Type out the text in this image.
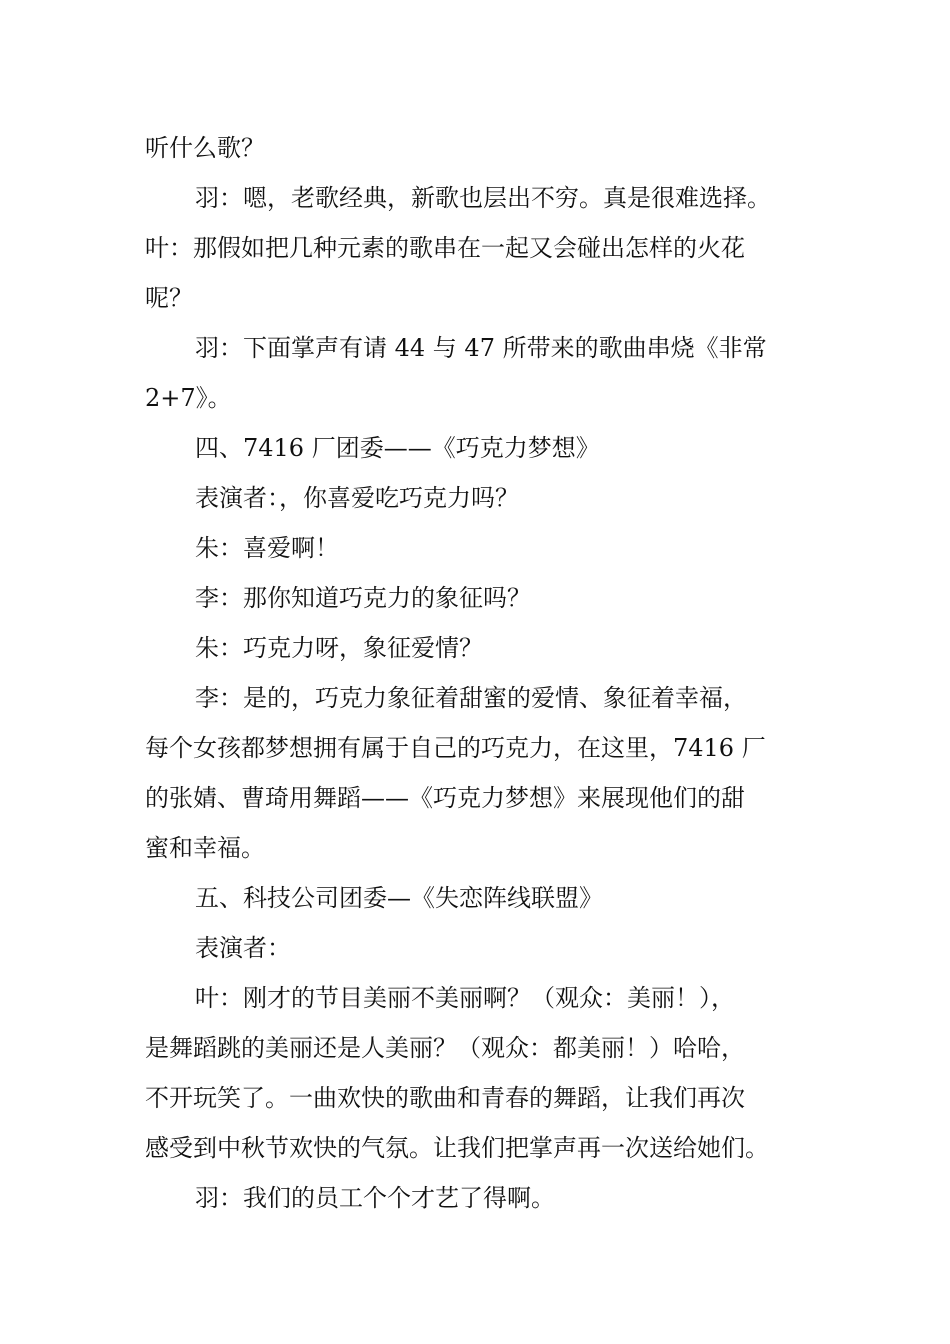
听什么歌？
羽：嗯，老歌经典，新歌也层出不穷。真是很难选择。
叶：那假如把几种元素的歌串在一起又会碰出怎样的火花
呢？
羽：下面掌声有请 44 与 47 所带来的歌曲串烧《非常
2+7》。
四、7416 厂团委——《巧克力梦想》
表演者：，你喜爱吃巧克力吗？
朱：喜爱啊！
李：那你知道巧克力的象征吗？
朱：巧克力呀，象征爱情？
李：是的，巧克力象征着甜蜜的爱情、象征着幸福，
每个女孩都梦想拥有属于自己的巧克力，在这里，7416 厂
的张婧、曹琦用舞蹈——《巧克力梦想》来展现他们的甜
蜜和幸福。
五、科技公司团委—《失恋阵线联盟》
表演者：
叶：刚才的节目美丽不美丽啊？（观众：美丽！），
是舞蹈跳的美丽还是人美丽？（观众：都美丽！）哈哈，
不开玩笑了。一曲欢快的歌曲和青春的舞蹈，让我们再次
感受到中秋节欢快的气氛。让我们把掌声再一次送给她们。
羽：我们的员工个个才艺了得啊。
